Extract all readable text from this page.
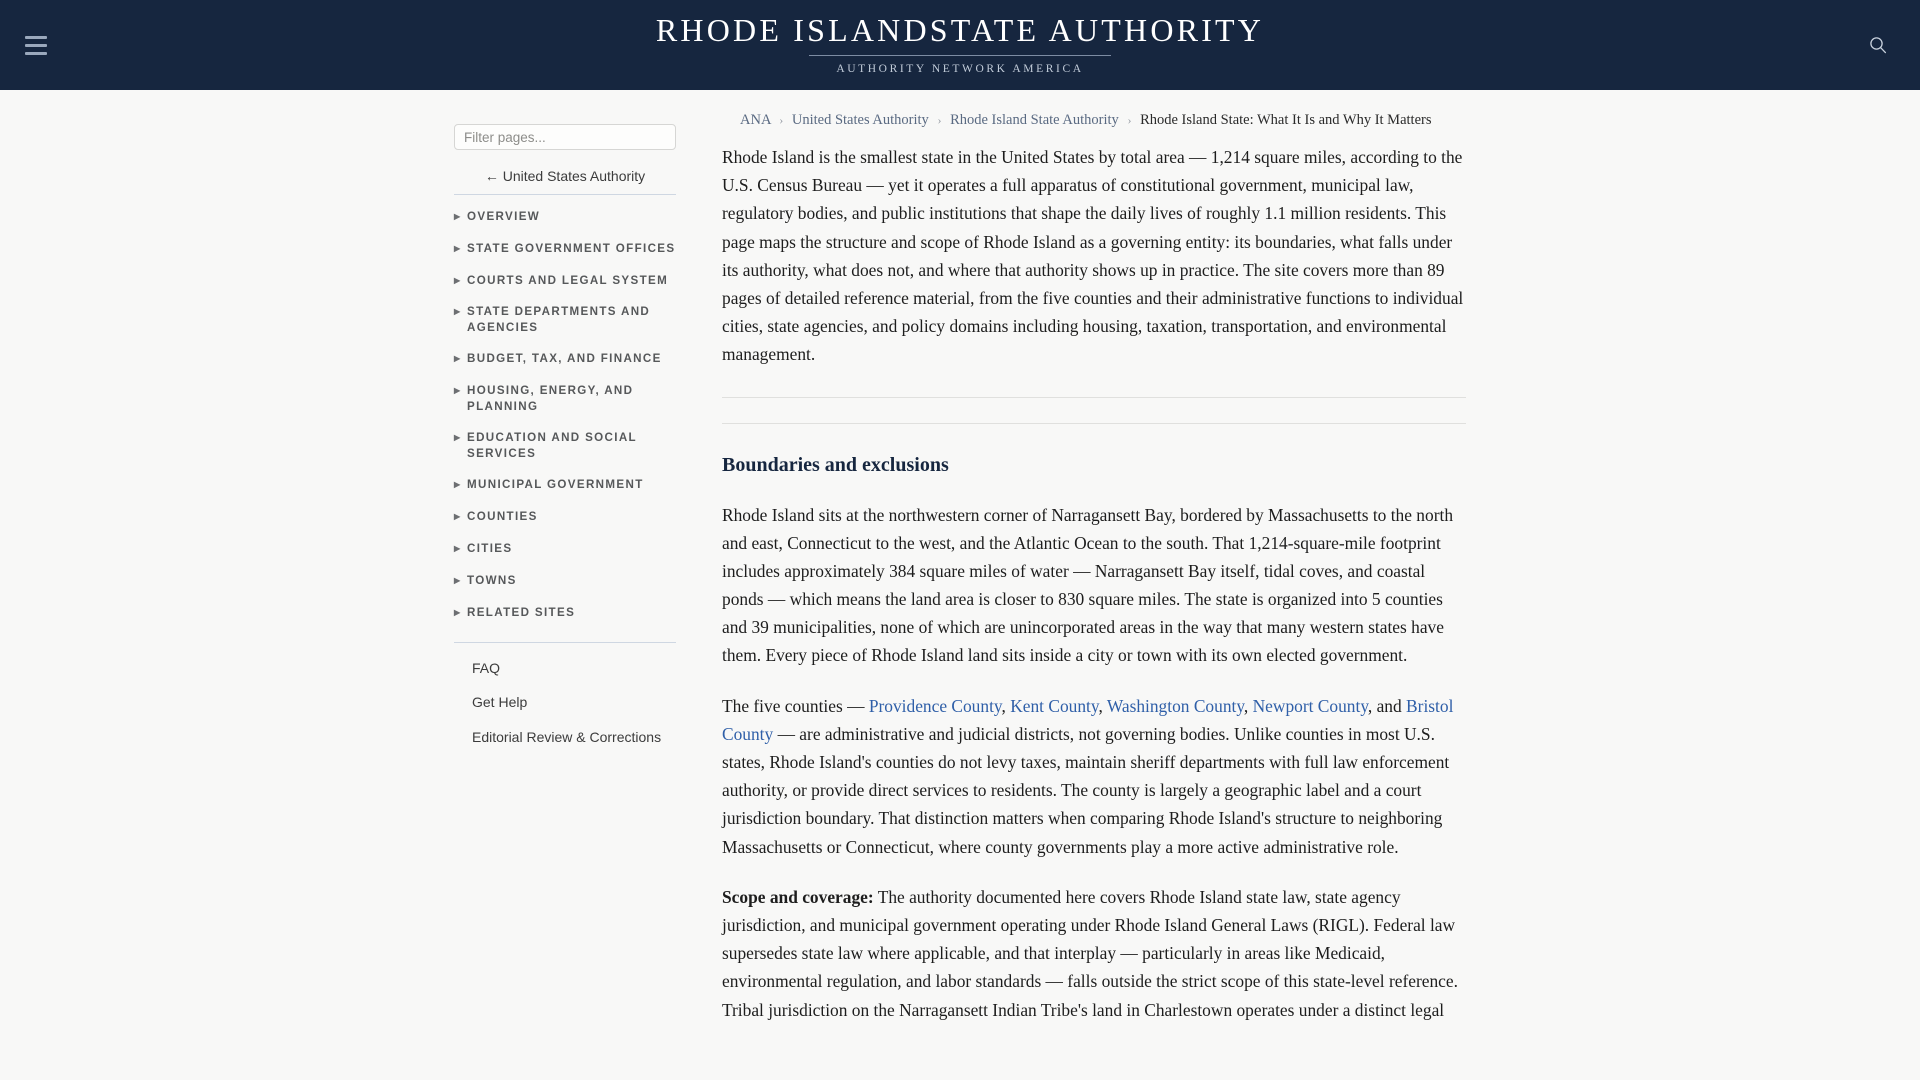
RHODE ISLANDSTATE AUTHORITY
AUTHORITY NETWORK AMERICA
Filter pages...
← United States Authority
▶ OVERVIEW
▶ STATE GOVERNMENT OFFICES
▶ COURTS AND LEGAL SYSTEM
▶ STATE DEPARTMENTS AND AGENCIES
▶ BUDGET, TAX, AND FINANCE
▶ HOUSING, ENERGY, AND PLANNING
▶ EDUCATION AND SOCIAL SERVICES
▶ MUNICIPAL GOVERNMENT
▶ COUNTIES
▶ CITIES
▶ TOWNS
▶ RELATED SITES
FAQ
Get Help
Editorial Review & Corrections
ANA › United States Authority › Rhode Island State Authority › Rhode Island State: What It Is and Why It Matters

Rhode Island is the smallest state in the United States by total area — 1,214 square miles, according to the U.S. Census Bureau — yet it operates a full apparatus of constitutional government, municipal law, regulatory bodies, and public institutions that shape the daily lives of roughly 1.1 million residents. This page maps the structure and scope of Rhode Island as a governing entity: its boundaries, what falls under its authority, what does not, and where that authority shows up in practice. The site covers more than 89 pages of detailed reference material, from the five counties and their administrative functions to individual cities, state agencies, and policy domains including housing, taxation, transportation, and environmental management.

Boundaries and exclusions

Rhode Island sits at the northwestern corner of Narragansett Bay, bordered by Massachusetts to the north and east, Connecticut to the west, and the Atlantic Ocean to the south. That 1,214-square-mile footprint includes approximately 384 square miles of water — Narragansett Bay itself, tidal coves, and coastal ponds — which means the land area is closer to 830 square miles. The state is organized into 5 counties and 39 municipalities, none of which are unincorporated areas in the way that many western states have them. Every piece of Rhode Island land sits inside a city or town with its own elected government.

The five counties — Providence County, Kent County, Washington County, Newport County, and Bristol County — are administrative and judicial districts, not governing bodies. Unlike counties in most U.S. states, Rhode Island's counties do not levy taxes, maintain sheriff departments with full law enforcement authority, or provide direct services to residents. The county is largely a geographic label and a court jurisdiction boundary. That distinction matters when comparing Rhode Island's structure to neighboring Massachusetts or Connecticut, where county governments play a more active administrative role.

Scope and coverage: The authority documented here covers Rhode Island state law, state agency jurisdiction, and municipal government operating under Rhode Island General Laws (RIGL). Federal law supersedes state law where applicable, and that interplay — particularly in areas like Medicaid, environmental regulation, and labor standards — falls outside the strict scope of this state-level reference. Tribal jurisdiction on the Narragansett Indian Tribe's land in Charlestown operates under a distinct legal
